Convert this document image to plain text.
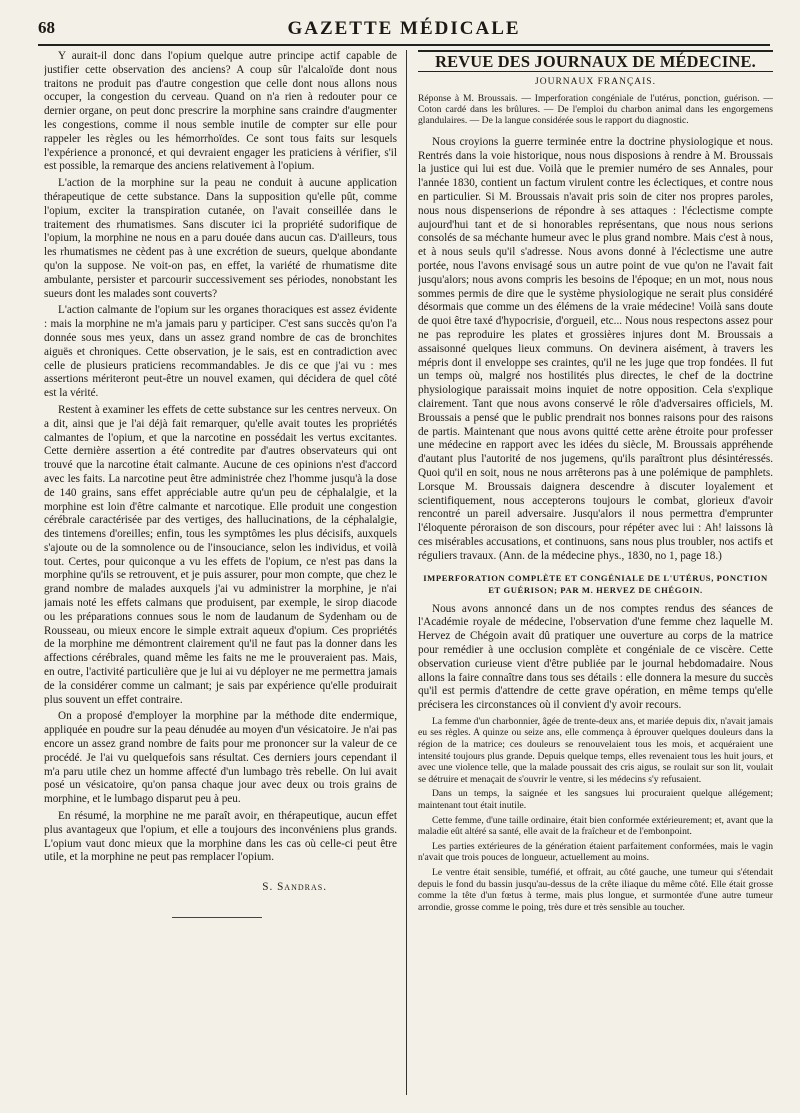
68	GAZETTE MÉDICALE

Y aurait-il donc dans l'opium quelque autre principe actif capable de justifier cette observation des anciens? A coup sûr l'alcaloïde dont nous traitons ne produit pas d'autre congestion que celle dont nous allons nous occuper, la congestion du cerveau. Quand on n'a rien à redouter pour ce dernier organe, on peut donc prescrire la morphine sans craindre d'augmenter les congestions, comme il nous semble inutile de compter sur elle pour rappeler les règles ou les hémorrhoïdes. Ce sont tous faits sur lesquels l'expérience a prononcé, et qui devraient engager les praticiens à vérifier, s'il est possible, la remarque des anciens relativement à l'opium.

L'action de la morphine sur la peau ne conduit à aucune application thérapeutique de cette substance. Dans la supposition qu'elle pût, comme l'opium, exciter la transpiration cutanée, on l'avait conseillée dans le traitement des rhumatismes. Sans discuter ici la propriété sudorifique de l'opium, la morphine ne nous en a paru douée dans aucun cas. D'ailleurs, tous les rhumatismes ne cèdent pas à une excrétion de sueurs, quelque abondante qu'on la suppose. Ne voit-on pas, en effet, la variété de rhumatisme dite ambulante, persister et parcourir successivement ses périodes, nonobstant les sueurs dont les malades sont couverts?

L'action calmante de l'opium sur les organes thoraciques est assez évidente : mais la morphine ne m'a jamais paru y participer. C'est sans succès qu'on l'a donnée sous mes yeux, dans un assez grand nombre de cas de bronchites aiguës et chroniques. Cette observation, je le sais, est en contradiction avec celle de plusieurs praticiens recommandables. Je dis ce que j'ai vu : mes assertions mériteront peut-être un nouvel examen, qui décidera de quel côté est la vérité.

Restent à examiner les effets de cette substance sur les centres nerveux. On a dit, ainsi que je l'ai déjà fait remarquer, qu'elle avait toutes les propriétés calmantes de l'opium, et que la narcotine en possédait les vertus excitantes. Cette dernière assertion a été contredite par d'autres observateurs qui ont trouvé que la narcotine était calmante. Aucune de ces opinions n'est d'accord avec les faits. La narcotine peut être administrée chez l'homme jusqu'à la dose de 140 grains, sans effet appréciable autre qu'un peu de céphalalgie, et la morphine est loin d'être calmante et narcotique. Elle produit une congestion cérébrale caractérisée par des vertiges, des hallucinations, de la céphalalgie, des tintemens d'oreilles; enfin, tous les symptômes les plus décisifs, auxquels s'ajoute ou de la somnolence ou de l'insouciance, selon les individus, et voilà tout. Certes, pour quiconque a vu les effets de l'opium, ce n'est pas dans la morphine qu'ils se retrouvent, et je puis assurer, pour mon compte, que chez le grand nombre de malades auxquels j'ai vu administrer la morphine, je n'ai jamais noté les effets calmans que produisent, par exemple, le sirop diacode ou les préparations connues sous le nom de laudanum de Sydenham ou de Rousseau, ou mieux encore le simple extrait aqueux d'opium. Ces propriétés de la morphine me démontrent clairement qu'il ne faut pas la donner dans les affections cérébrales, quand même les faits ne me le prouveraient pas. Mais, en outre, l'activité particulière que je lui ai vu déployer ne me permettra jamais de la considérer comme un calmant; je sais par expérience qu'elle produirait plus souvent un effet contraire.

On a proposé d'employer la morphine par la méthode dite endermique, appliquée en poudre sur la peau dénudée au moyen d'un vésicatoire. Je n'ai pas encore un assez grand nombre de faits pour me prononcer sur la valeur de ce procédé. Je l'ai vu quelquefois sans résultat. Ces derniers jours cependant il m'a paru utile chez un homme affecté d'un lumbago très rebelle. On lui avait posé un vésicatoire, qu'on pansa chaque jour avec deux ou trois grains de morphine, et le lumbago disparut peu à peu.

En résumé, la morphine ne me paraît avoir, en thérapeutique, aucun effet plus avantageux que l'opium, et elle a toujours des inconvéniens plus grands. L'opium vaut donc mieux que la morphine dans les cas où celle-ci peut être utile, et la morphine ne peut pas remplacer l'opium.

S. Sandras.

REVUE DES JOURNAUX DE MÉDECINE.
JOURNAUX FRANÇAIS.

Réponse à M. Broussais. — Imperforation congéniale de l'utérus, ponction, guérison. — Coton cardé dans les brûlures. — De l'emploi du charbon animal dans les engorgemens glandulaires. — De la langue considérée sous le rapport du diagnostic.

Nous croyions la guerre terminée entre la doctrine physiologique et nous. Rentrés dans la voie historique, nous nous disposions à rendre à M. Broussais la justice qui lui est due. Voilà que le premier numéro de ses Annales, pour l'année 1830, contient un factum virulent contre les éclectiques, et contre nous en particulier. Si M. Broussais n'avait pris soin de citer nos propres paroles, nous nous dispenserions de répondre à ses attaques : l'éclectisme compte aujourd'hui tant et de si honorables représentans, que nous nous serions consolés de sa méchante humeur avec le plus grand nombre. Mais c'est à nous, et à nous seuls qu'il s'adresse. Nous avons donné à l'éclectisme une autre portée, nous l'avons envisagé sous un autre point de vue qu'on ne l'avait fait jusqu'alors; nous avons compris les besoins de l'époque; en un mot, nous nous sommes permis de dire que le système physiologique ne serait plus considéré désormais que comme un des élémens de la vraie médecine! Voilà sans doute de quoi être taxé d'hypocrisie, d'orgueil, etc... Nous nous respectons assez pour ne pas reproduire les plates et grossières injures dont M. Broussais a assaisonné quelques lieux communs. On devinera aisément, à travers les mépris dont il enveloppe ses craintes, qu'il ne les juge que trop fondées. Il fut un temps où, malgré nos hostilités plus directes, le chef de la doctrine physiologique paraissait moins inquiet de notre opposition. Cela s'explique clairement. Tant que nous avons conservé le rôle d'adversaires officiels, M. Broussais a pensé que le public prendrait nos bonnes raisons pour des raisons de partis. Maintenant que nous avons quitté cette arène étroite pour professer une médecine en rapport avec les idées du siècle, M. Broussais appréhende d'autant plus l'autorité de nos jugemens, qu'ils paraîtront plus désintéressés. Quoi qu'il en soit, nous ne nous arrêterons pas à une polémique de pamphlets. Lorsque M. Broussais daignera descendre à discuter loyalement et scientifiquement, nous accepterons toujours le combat, glorieux d'avoir rencontré un pareil adversaire. Jusqu'alors il nous permettra d'emprunter l'éloquente péroraison de son discours, pour répéter avec lui : Ah! laissons là ces misérables accusations, et continuons, sans nous plus troubler, nos actifs et réguliers travaux. (Ann. de la médecine phys., 1830, no 1, page 18.)

IMPERFORATION COMPLÈTE ET CONGÉNIALE DE L'UTÉRUS, PONCTION ET GUÉRISON; PAR M. HERVEZ DE CHÉGOIN.

Nous avons annoncé dans un de nos comptes rendus des séances de l'Académie royale de médecine, l'observation d'une femme chez laquelle M. Hervez de Chégoin avait dû pratiquer une ouverture au corps de la matrice pour remédier à une occlusion complète et congéniale de ce viscère. Cette observation curieuse vient d'être publiée par le journal hebdomadaire. Nous allons la faire connaître dans tous ses détails : elle donnera la mesure du succès qu'il est permis d'attendre de cette grave opération, en même temps qu'elle précisera les circonstances où il convient d'y avoir recours.

La femme d'un charbonnier, âgée de trente-deux ans, et mariée depuis dix, n'avait jamais eu ses règles. A quinze ou seize ans, elle commença à éprouver quelques douleurs dans la région de la matrice; ces douleurs se renouvelaient tous les mois, et acquéraient une intensité toujours plus grande. Depuis quelque temps, elles revenaient tous les huit jours, et avec une violence telle, que la malade poussait des cris aigus, se roulait sur son lit, voulait se détruire et menaçait de s'ouvrir le ventre, si les médecins s'y refusaient.

Dans un temps, la saignée et les sangsues lui procuraient quelque allégement; maintenant tout était inutile.

Cette femme, d'une taille ordinaire, était bien conformée extérieurement; et, avant que la maladie eût altéré sa santé, elle avait de la fraîcheur et de l'embonpoint.

Les parties extérieures de la génération étaient parfaitement conformées, mais le vagin n'avait que trois pouces de longueur, actuellement au moins.

Le ventre était sensible, tuméfié, et offrait, au côté gauche, une tumeur qui s'étendait depuis le fond du bassin jusqu'au-dessus de la crête iliaque du même côté. Elle était grosse comme la tête d'un fœtus à terme, mais plus longue, et surmontée d'une autre tumeur arrondie, grosse comme le poing, très dure et très sensible au toucher.
